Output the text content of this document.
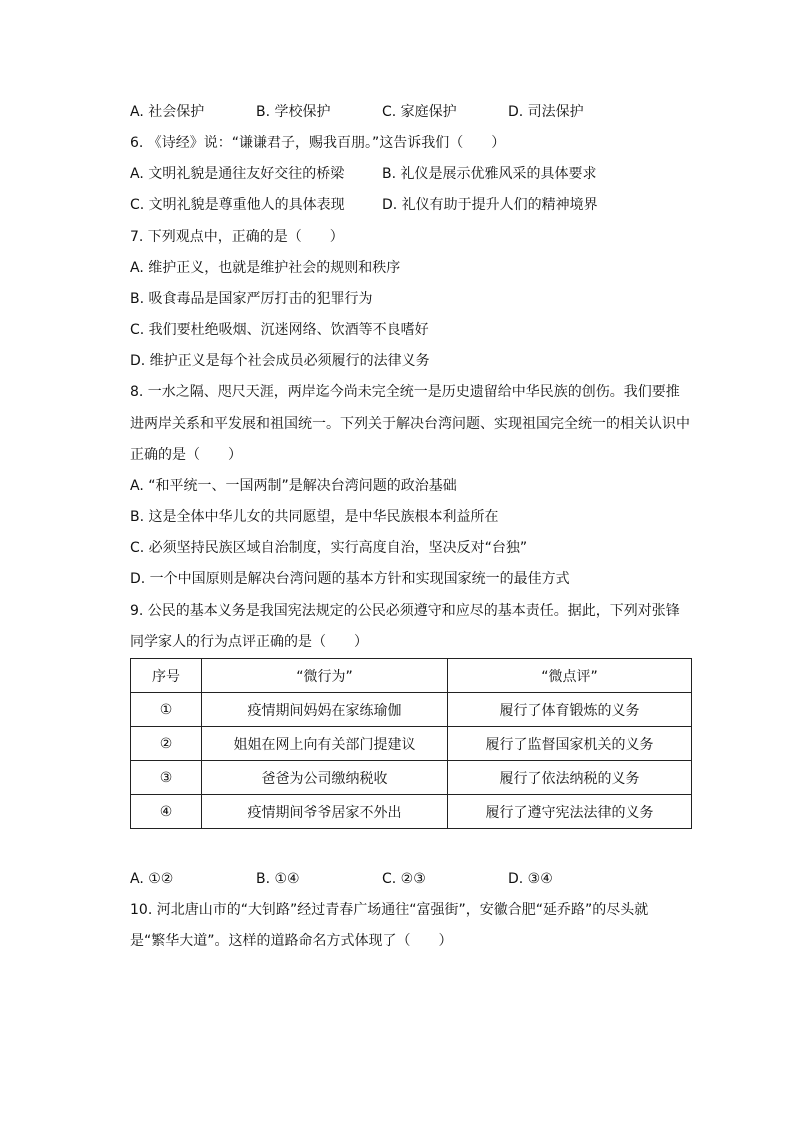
A. 社会保护	B. 学校保护	C. 家庭保护	D. 司法保护
6. 《诗经》说：“谦谦君子，赐我百朋。”这告诉我们（　　）
A. 文明礼貌是通往友好交往的桥梁	B. 礼仪是展示优雅风采的具体要求
C. 文明礼貌是尊重他人的具体表现	D. 礼仪有助于提升人们的精神境界
7. 下列观点中，正确的是（　　）
A. 维护正义，也就是维护社会的规则和秩序
B. 吸食毒品是国家严厉打击的犯罪行为
C. 我们要杜绝吸烟、沉迷网络、饮酒等不良嗜好
D. 维护正义是每个社会成员必须履行的法律义务
8. 一水之隔、咫尺天涯，两岸迄今尚未完全统一是历史遗留给中华民族的创伤。我们要推
进两岸关系和平发展和祖国统一。下列关于解决台湾问题、实现祖国完全统一的相关认识中
正确的是（　　）
A. “和平统一、一国两制”是解决台湾问题的政治基础
B. 这是全体中华儿女的共同愿望，是中华民族根本利益所在
C. 必须坚持民族区域自治制度，实行高度自治，坚决反对“台独”
D. 一个中国原则是解决台湾问题的基本方针和实现国家统一的最佳方式
9. 公民的基本义务是我国宪法规定的公民必须遵守和应尽的基本责任。据此，下列对张锋
同学家人的行为点评正确的是（　　）
序号	“微行为”	“微点评”
①	疫情期间妈妈在家练瑜伽	履行了体育锻炼的义务
②	姐姐在网上向有关部门提建议	履行了监督国家机关的义务
③	爸爸为公司缴纳税收	履行了依法纳税的义务
④	疫情期间爷爷居家不外出	履行了遵守宪法法律的义务
A. ①②	B. ①④	C. ②③	D. ③④
10. 河北唐山市的“大钊路”经过青春广场通往“富强街”，安徽合肥“延乔路”的尽头就
是“繁华大道”。这样的道路命名方式体现了（　　）
